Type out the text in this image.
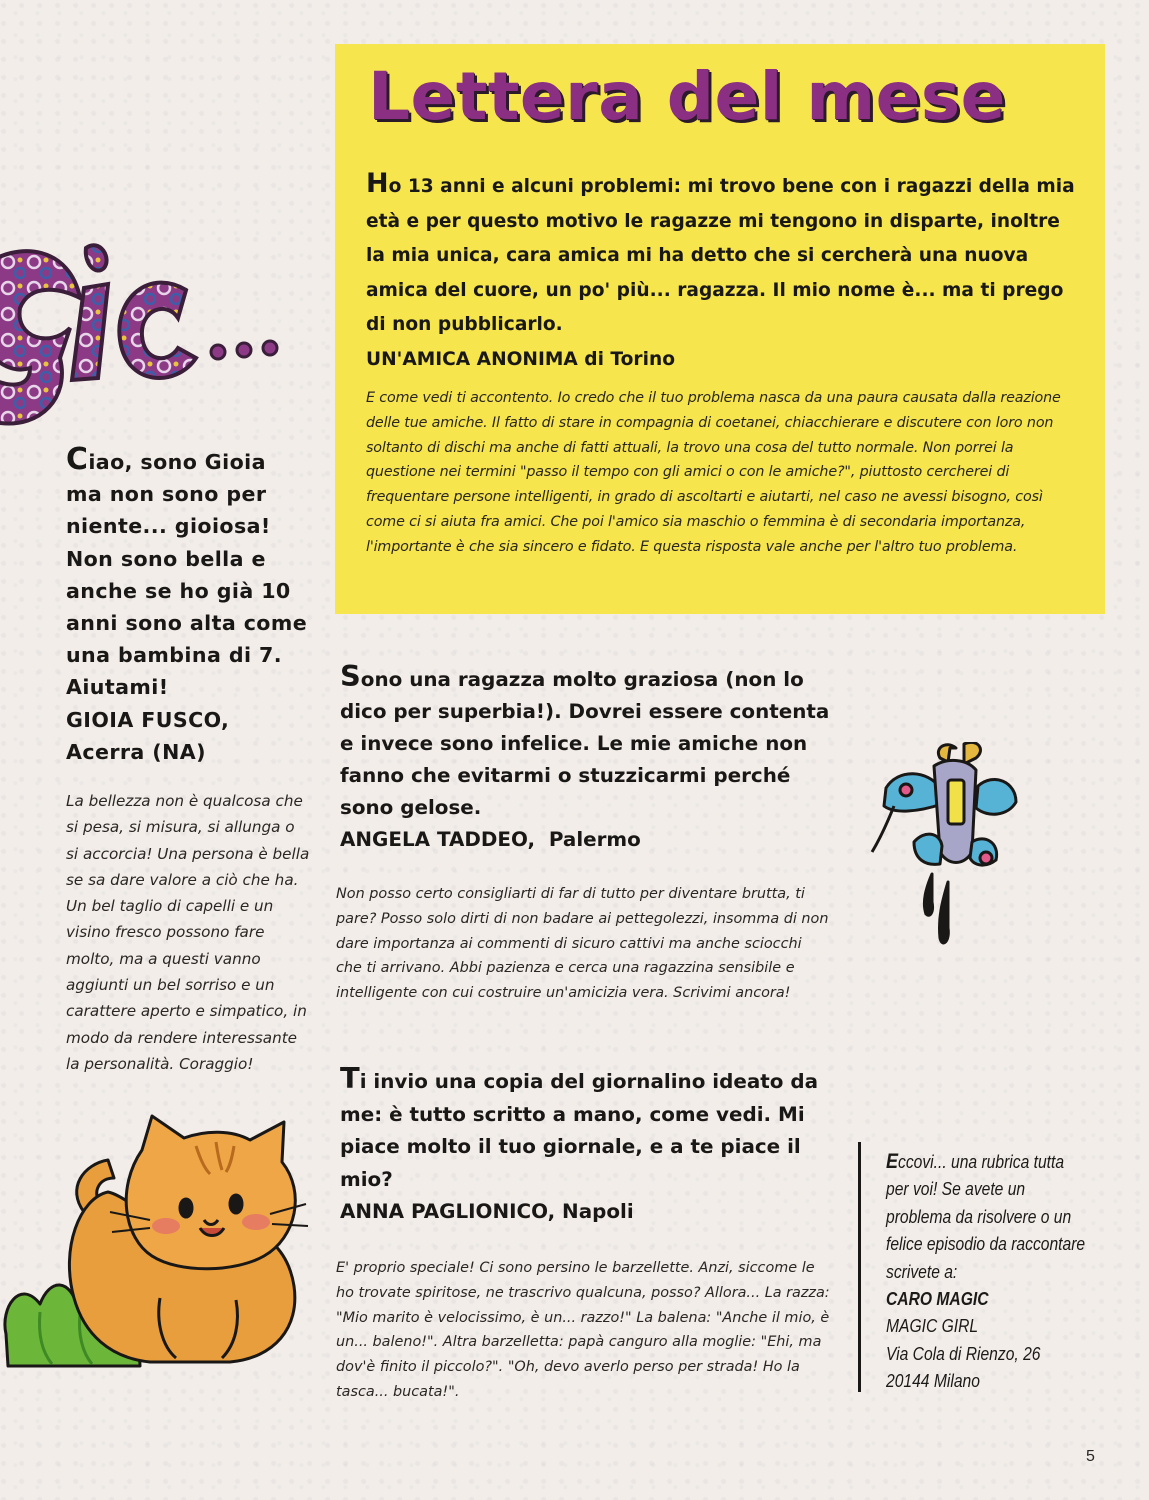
Lettera del mese
Ho 13 anni e alcuni problemi: mi trovo bene con i ragazzi della mia età e per questo motivo le ragazze mi tengono in disparte, inoltre la mia unica, cara amica mi ha detto che si cercherà una nuova amica del cuore, un po' più... ragazza. Il mio nome è... ma ti prego di non pubblicarlo.
UN'AMICA ANONIMA di Torino
E come vedi ti accontento. Io credo che il tuo problema nasca da una paura causata dalla reazione delle tue amiche. Il fatto di stare in compagnia di coetanei, chiacchierare e discutere con loro non soltanto di dischi ma anche di fatti attuali, la trovo una cosa del tutto normale. Non porrei la questione nei termini "passo il tempo con gli amici o con le amiche?", piuttosto cercherei di frequentare persone intelligenti, in grado di ascoltarti e aiutarti, nel caso ne avessi bisogno, così come ci si aiuta fra amici. Che poi l'amico sia maschio o femmina è di secondaria importanza, l'importante è che sia sincero e fidato. E questa risposta vale anche per l'altro tuo problema.
Ciao, sono Gioia ma non sono per niente... gioiosa! Non sono bella e anche se ho già 10 anni sono alta come una bambina di 7. Aiutami!
GIOIA FUSCO,
Acerra (NA)
La bellezza non è qualcosa che si pesa, si misura, si allunga o si accorcia! Una persona è bella se sa dare valore a ciò che ha. Un bel taglio di capelli e un visino fresco possono fare molto, ma a questi vanno aggiunti un bel sorriso e un carattere aperto e simpatico, in modo da rendere interessante la personalità. Coraggio!
Sono una ragazza molto graziosa (non lo dico per superbia!). Dovrei essere contenta e invece sono infelice. Le mie amiche non fanno che evitarmi o stuzzicarmi perché sono gelose.
ANGELA TADDEO,  Palermo
Non posso certo consigliarti di far di tutto per diventare brutta, ti pare? Posso solo dirti di non badare ai pettegolezzi, insomma di non dare importanza ai commenti di sicuro cattivi ma anche sciocchi che ti arrivano. Abbi pazienza e cerca una ragazzina sensibile e intelligente con cui costruire un'amicizia vera. Scrivimi ancora!
Ti invio una copia del giornalino ideato da me: è tutto scritto a mano, come vedi. Mi piace molto il tuo giornale, e a te piace il mio?
ANNA PAGLIONICO, Napoli
E' proprio speciale! Ci sono persino le barzellette. Anzi, siccome le ho trovate spiritose, ne trascrivo qualcuna, posso? Allora... La razza: "Mio marito è velocissimo, è un... razzo!" La balena: "Anche il mio, è un... baleno!". Altra barzelletta: papà canguro alla moglie: "Ehi, ma dov'è finito il piccolo?". "Oh, devo averlo perso per strada! Ho la tasca... bucata!".
Eccovi... una rubrica tutta per voi! Se avete un problema da risolvere o un felice episodio da raccontare scrivete a:
CARO MAGIC
MAGIC GIRL
Via Cola di Rienzo, 26
20144 Milano
5
